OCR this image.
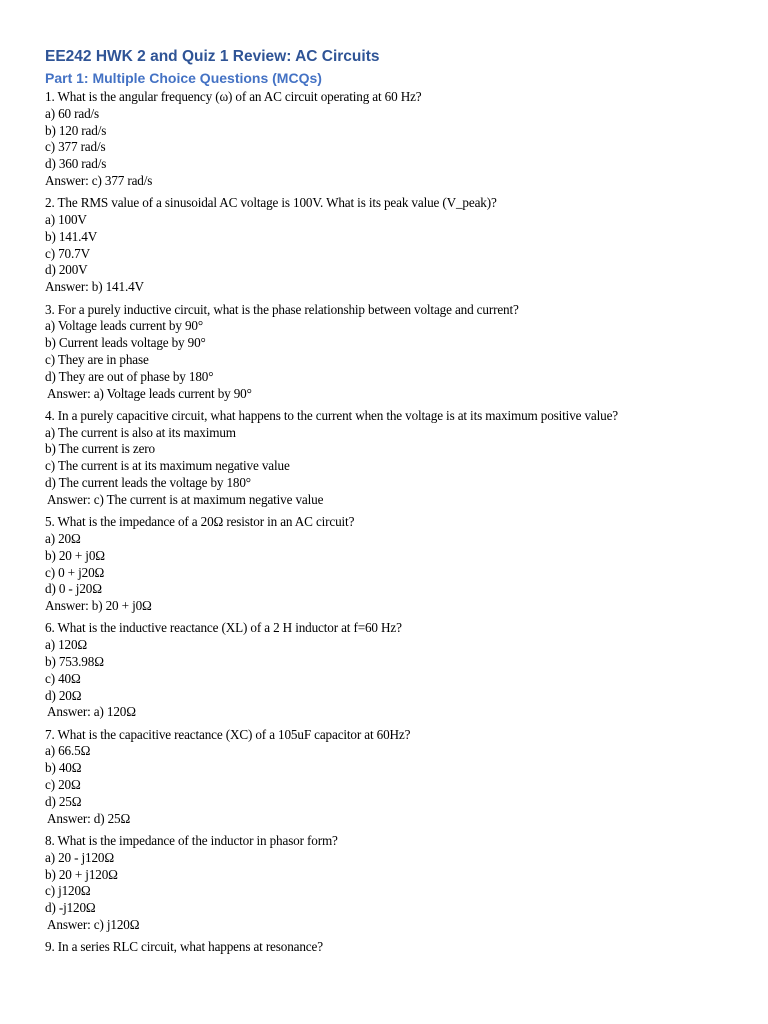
EE242 HWK 2 and Quiz 1 Review: AC Circuits
Part 1: Multiple Choice Questions (MCQs)
1. What is the angular frequency (ω) of an AC circuit operating at 60 Hz?
a) 60 rad/s
b) 120 rad/s
c) 377 rad/s
d) 360 rad/s
Answer: c) 377 rad/s
2. The RMS value of a sinusoidal AC voltage is 100V. What is its peak value (V_peak)?
a) 100V
b) 141.4V
c) 70.7V
d) 200V
Answer: b) 141.4V
3. For a purely inductive circuit, what is the phase relationship between voltage and current?
a) Voltage leads current by 90°
b) Current leads voltage by 90°
c) They are in phase
d) They are out of phase by 180°
Answer: a) Voltage leads current by 90°
4. In a purely capacitive circuit, what happens to the current when the voltage is at its maximum positive value?
a) The current is also at its maximum
b) The current is zero
c) The current is at its maximum negative value
d) The current leads the voltage by 180°
Answer: c) The current is at maximum negative value
5. What is the impedance of a 20Ω resistor in an AC circuit?
a) 20Ω
b) 20 + j0Ω
c) 0 + j20Ω
d) 0 - j20Ω
Answer: b) 20 + j0Ω
6. What is the inductive reactance (XL) of a 2 H inductor at f=60 Hz?
a) 120Ω
b) 753.98Ω
c) 40Ω
d) 20Ω
Answer: a) 120Ω
7. What is the capacitive reactance (XC) of a 105uF capacitor at 60Hz?
a) 66.5Ω
b) 40Ω
c) 20Ω
d) 25Ω
Answer: d) 25Ω
8. What is the impedance of the inductor in phasor form?
a) 20 - j120Ω
b) 20 + j120Ω
c) j120Ω
d) -j120Ω
Answer: c) j120Ω
9. In a series RLC circuit, what happens at resonance?
